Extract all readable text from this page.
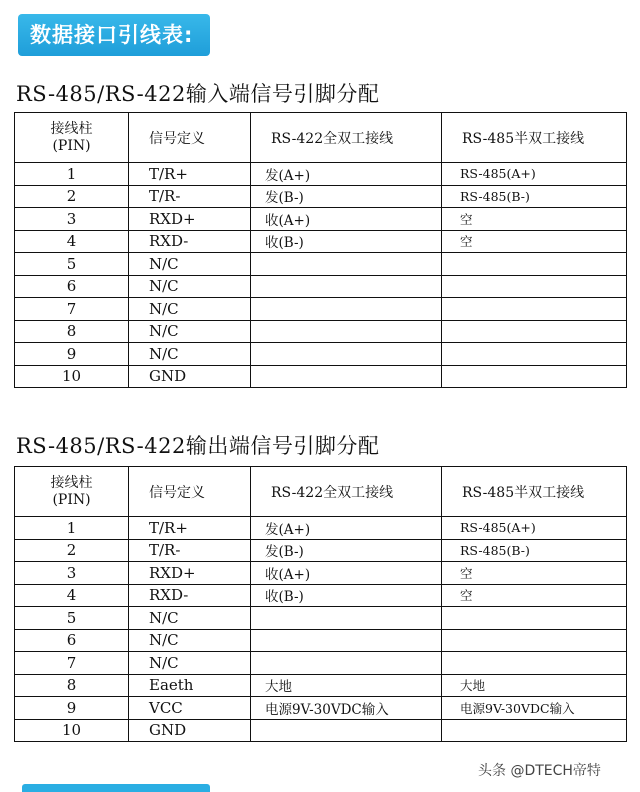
数据接口引线表:
RS-485/RS-422输入端信号引脚分配
接线柱
(PIN)	信号定义	RS-422全双工接线	RS-485半双工接线
1	T/R+	发(A+)	RS-485(A+)
2	T/R-	发(B-)	RS-485(B-)
3	RXD+	收(A+)	空
4	RXD-	收(B-)	空
5	N/C		
6	N/C		
7	N/C		
8	N/C		
9	N/C		
10	GND		
RS-485/RS-422输出端信号引脚分配
接线柱
(PIN)	信号定义	RS-422全双工接线	RS-485半双工接线
1	T/R+	发(A+)	RS-485(A+)
2	T/R-	发(B-)	RS-485(B-)
3	RXD+	收(A+)	空
4	RXD-	收(B-)	空
5	N/C		
6	N/C		
7	N/C		
8	Eaeth	大地	大地
9	VCC	电源9V-30VDC输入	电源9V-30VDC输入
10	GND		
头条 @DTECH帝特
